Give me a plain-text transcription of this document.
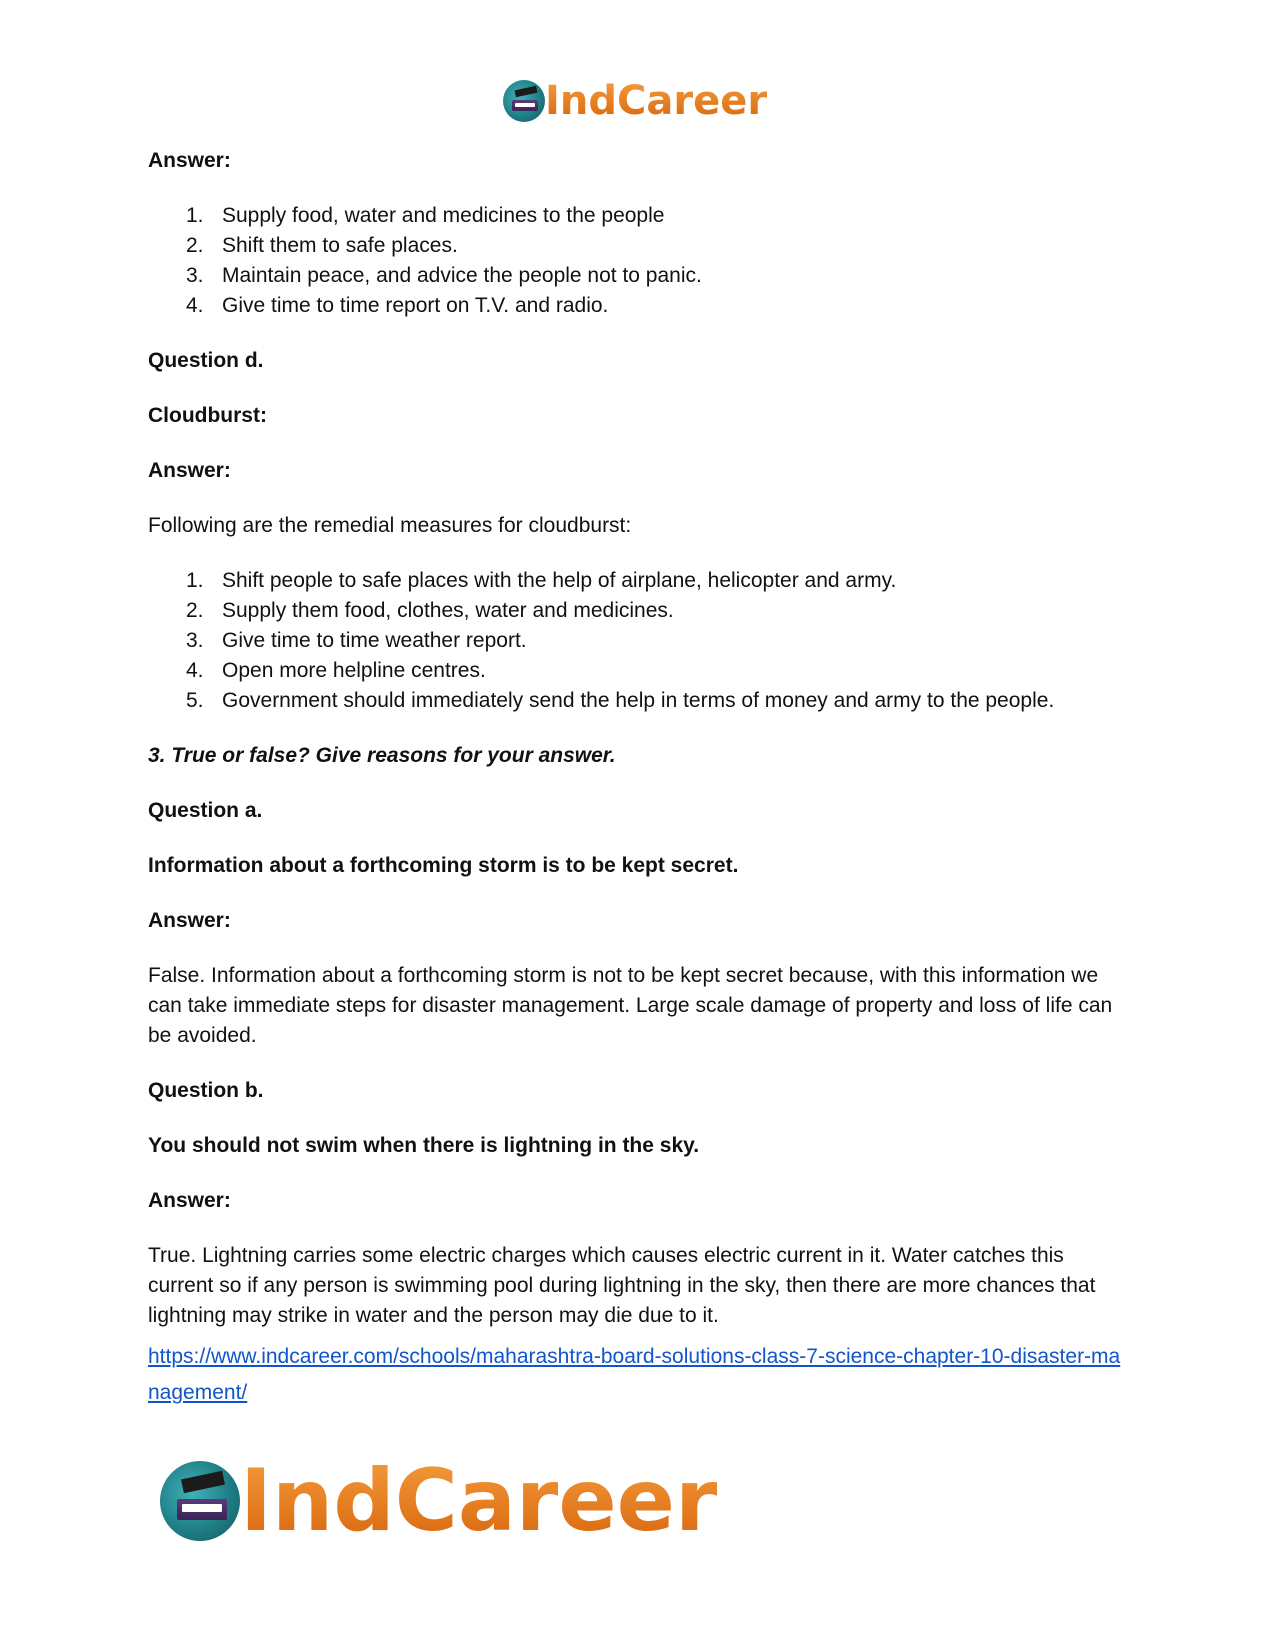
IndCareer

Answer:

1. Supply food, water and medicines to the people
2. Shift them to safe places.
3. Maintain peace, and advice the people not to panic.
4. Give time to time report on T.V. and radio.

Question d.

Cloudburst:

Answer:

Following are the remedial measures for cloudburst:

1. Shift people to safe places with the help of airplane, helicopter and army.
2. Supply them food, clothes, water and medicines.
3. Give time to time weather report.
4. Open more helpline centres.
5. Government should immediately send the help in terms of money and army to the people.

3. True or false? Give reasons for your answer.

Question a.

Information about a forthcoming storm is to be kept secret.

Answer:

False. Information about a forthcoming storm is not to be kept secret because, with this information we can take immediate steps for disaster management. Large scale damage of property and loss of life can be avoided.

Question b.

You should not swim when there is lightning in the sky.

Answer:

True. Lightning carries some electric charges which causes electric current in it. Water catches this current so if any person is swimming pool during lightning in the sky, then there are more chances that lightning may strike in water and the person may die due to it.

https://www.indcareer.com/schools/maharashtra-board-solutions-class-7-science-chapter-10-disaster-management/
IndCareer
